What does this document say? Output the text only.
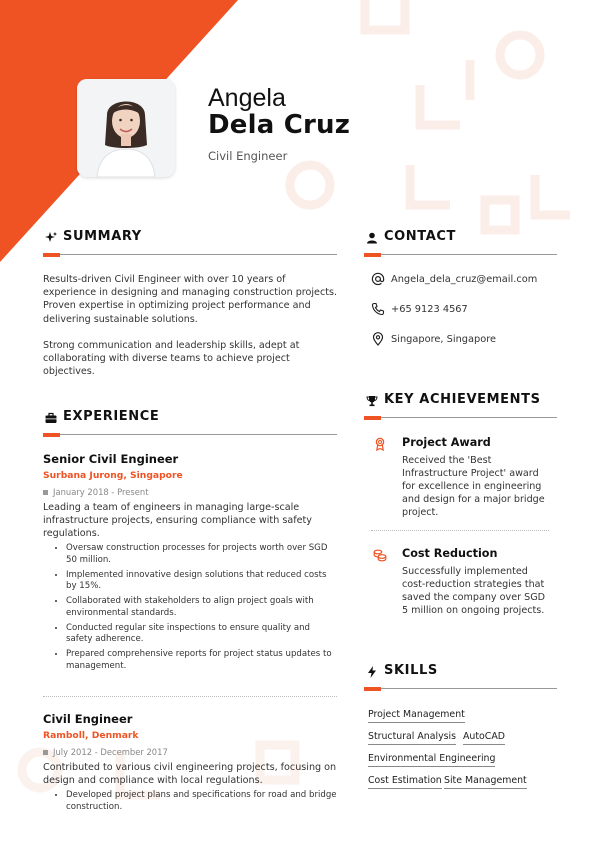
Angela
Dela Cruz
Civil Engineer
SUMMARY
Results-driven Civil Engineer with over 10 years of experience in designing and managing construction projects. Proven expertise in optimizing project performance and delivering sustainable solutions.
Strong communication and leadership skills, adept at collaborating with diverse teams to achieve project objectives.
EXPERIENCE
Senior Civil Engineer
Surbana Jurong, Singapore
January 2018 - Present
Leading a team of engineers in managing large-scale infrastructure projects, ensuring compliance with safety regulations.
• Oversaw construction processes for projects worth over SGD 50 million.
• Implemented innovative design solutions that reduced costs by 15%.
• Collaborated with stakeholders to align project goals with environmental standards.
• Conducted regular site inspections to ensure quality and safety adherence.
• Prepared comprehensive reports for project status updates to management.
Civil Engineer
Ramboll, Denmark
July 2012 - December 2017
Contributed to various civil engineering projects, focusing on design and compliance with local regulations.
• Developed project plans and specifications for road and bridge construction.
CONTACT
Angela_dela_cruz@email.com
+65 9123 4567
Singapore, Singapore
KEY ACHIEVEMENTS
Project Award
Received the 'Best Infrastructure Project' award for excellence in engineering and design for a major bridge project.
Cost Reduction
Successfully implemented cost-reduction strategies that saved the company over SGD 5 million on ongoing projects.
SKILLS
Project Management
Structural Analysis AutoCAD
Environmental Engineering
Cost Estimation Site Management
